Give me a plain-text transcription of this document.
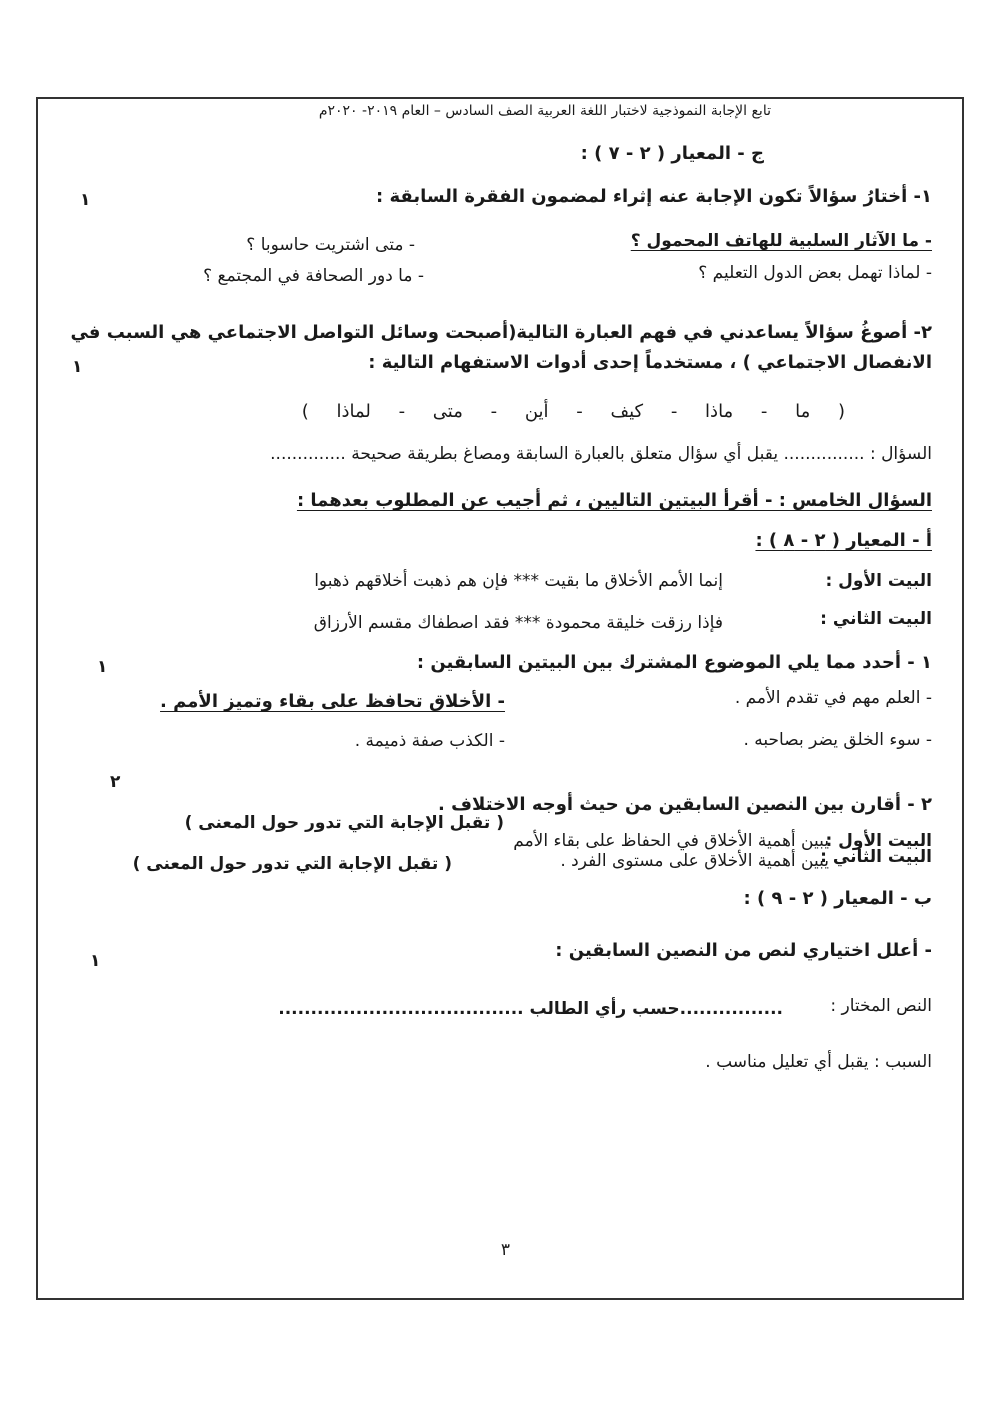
تابع الإجابة النموذجية لاختبار اللغة العربية الصف السادس – العام ٢٠١٩- ٢٠٢٠م
ج - المعيار ( ٢ - ٧ ) :
١- أختارُ سؤالاً تكون الإجابة عنه إثراء لمضمون الفقرة السابقة :
١
- ما الآثار السلبية للهاتف المحمول ؟
- متى اشتريت حاسوبا ؟
- لماذا تهمل بعض الدول التعليم ؟
- ما دور الصحافة في المجتمع ؟
٢- أصوغُ سؤالاً يساعدني في فهم العبارة التالية(أصبحت وسائل التواصل الاجتماعي هي السبب في
الانفصال الاجتماعي ) ، مستخدماً إحدى أدوات الاستفهام التالية :
١
( ما - ماذا - كيف - أين - متى - لماذا )
السؤال : ............... يقبل أي سؤال متعلق بالعبارة السابقة ومصاغ بطريقة صحيحة ..............
السؤال الخامس : - أقرأ البيتين التاليين ، ثم أجيب عن المطلوب بعدهما :
أ - المعيار ( ٢ - ٨ ) :
البيت الأول :
إنما الأمم الأخلاق ما بقيت *** فإن هم ذهبت أخلاقهم ذهبوا
البيت الثاني :
فإذا رزقت خليقة محمودة *** فقد اصطفاك مقسم الأرزاق
١ - أحدد مما يلي الموضوع المشترك بين البيتين السابقين :
١
- العلم مهم في تقدم الأمم .
- الأخلاق تحافظ على بقاء وتميز الأمم .
- سوء الخلق يضر بصاحبه .
- الكذب صفة ذميمة .
٢ - أقارن بين النصين السابقين من حيث أوجه الاختلاف .
٢
البيت الأول :
يبين أهمية الأخلاق في الحفاظ على بقاء الأمم
( تقبل الإجابة التي تدور حول المعنى )
البيت الثاني :
يبين أهمية الأخلاق على مستوى الفرد .
( تقبل الإجابة التي تدور حول المعنى )
ب - المعيار ( ٢ - ٩ ) :
- أعلل اختياري لنص من النصين السابقين :
١
النص المختار :
................حسب رأي الطالب ......................................
السبب : يقبل أي تعليل مناسب .
٣
